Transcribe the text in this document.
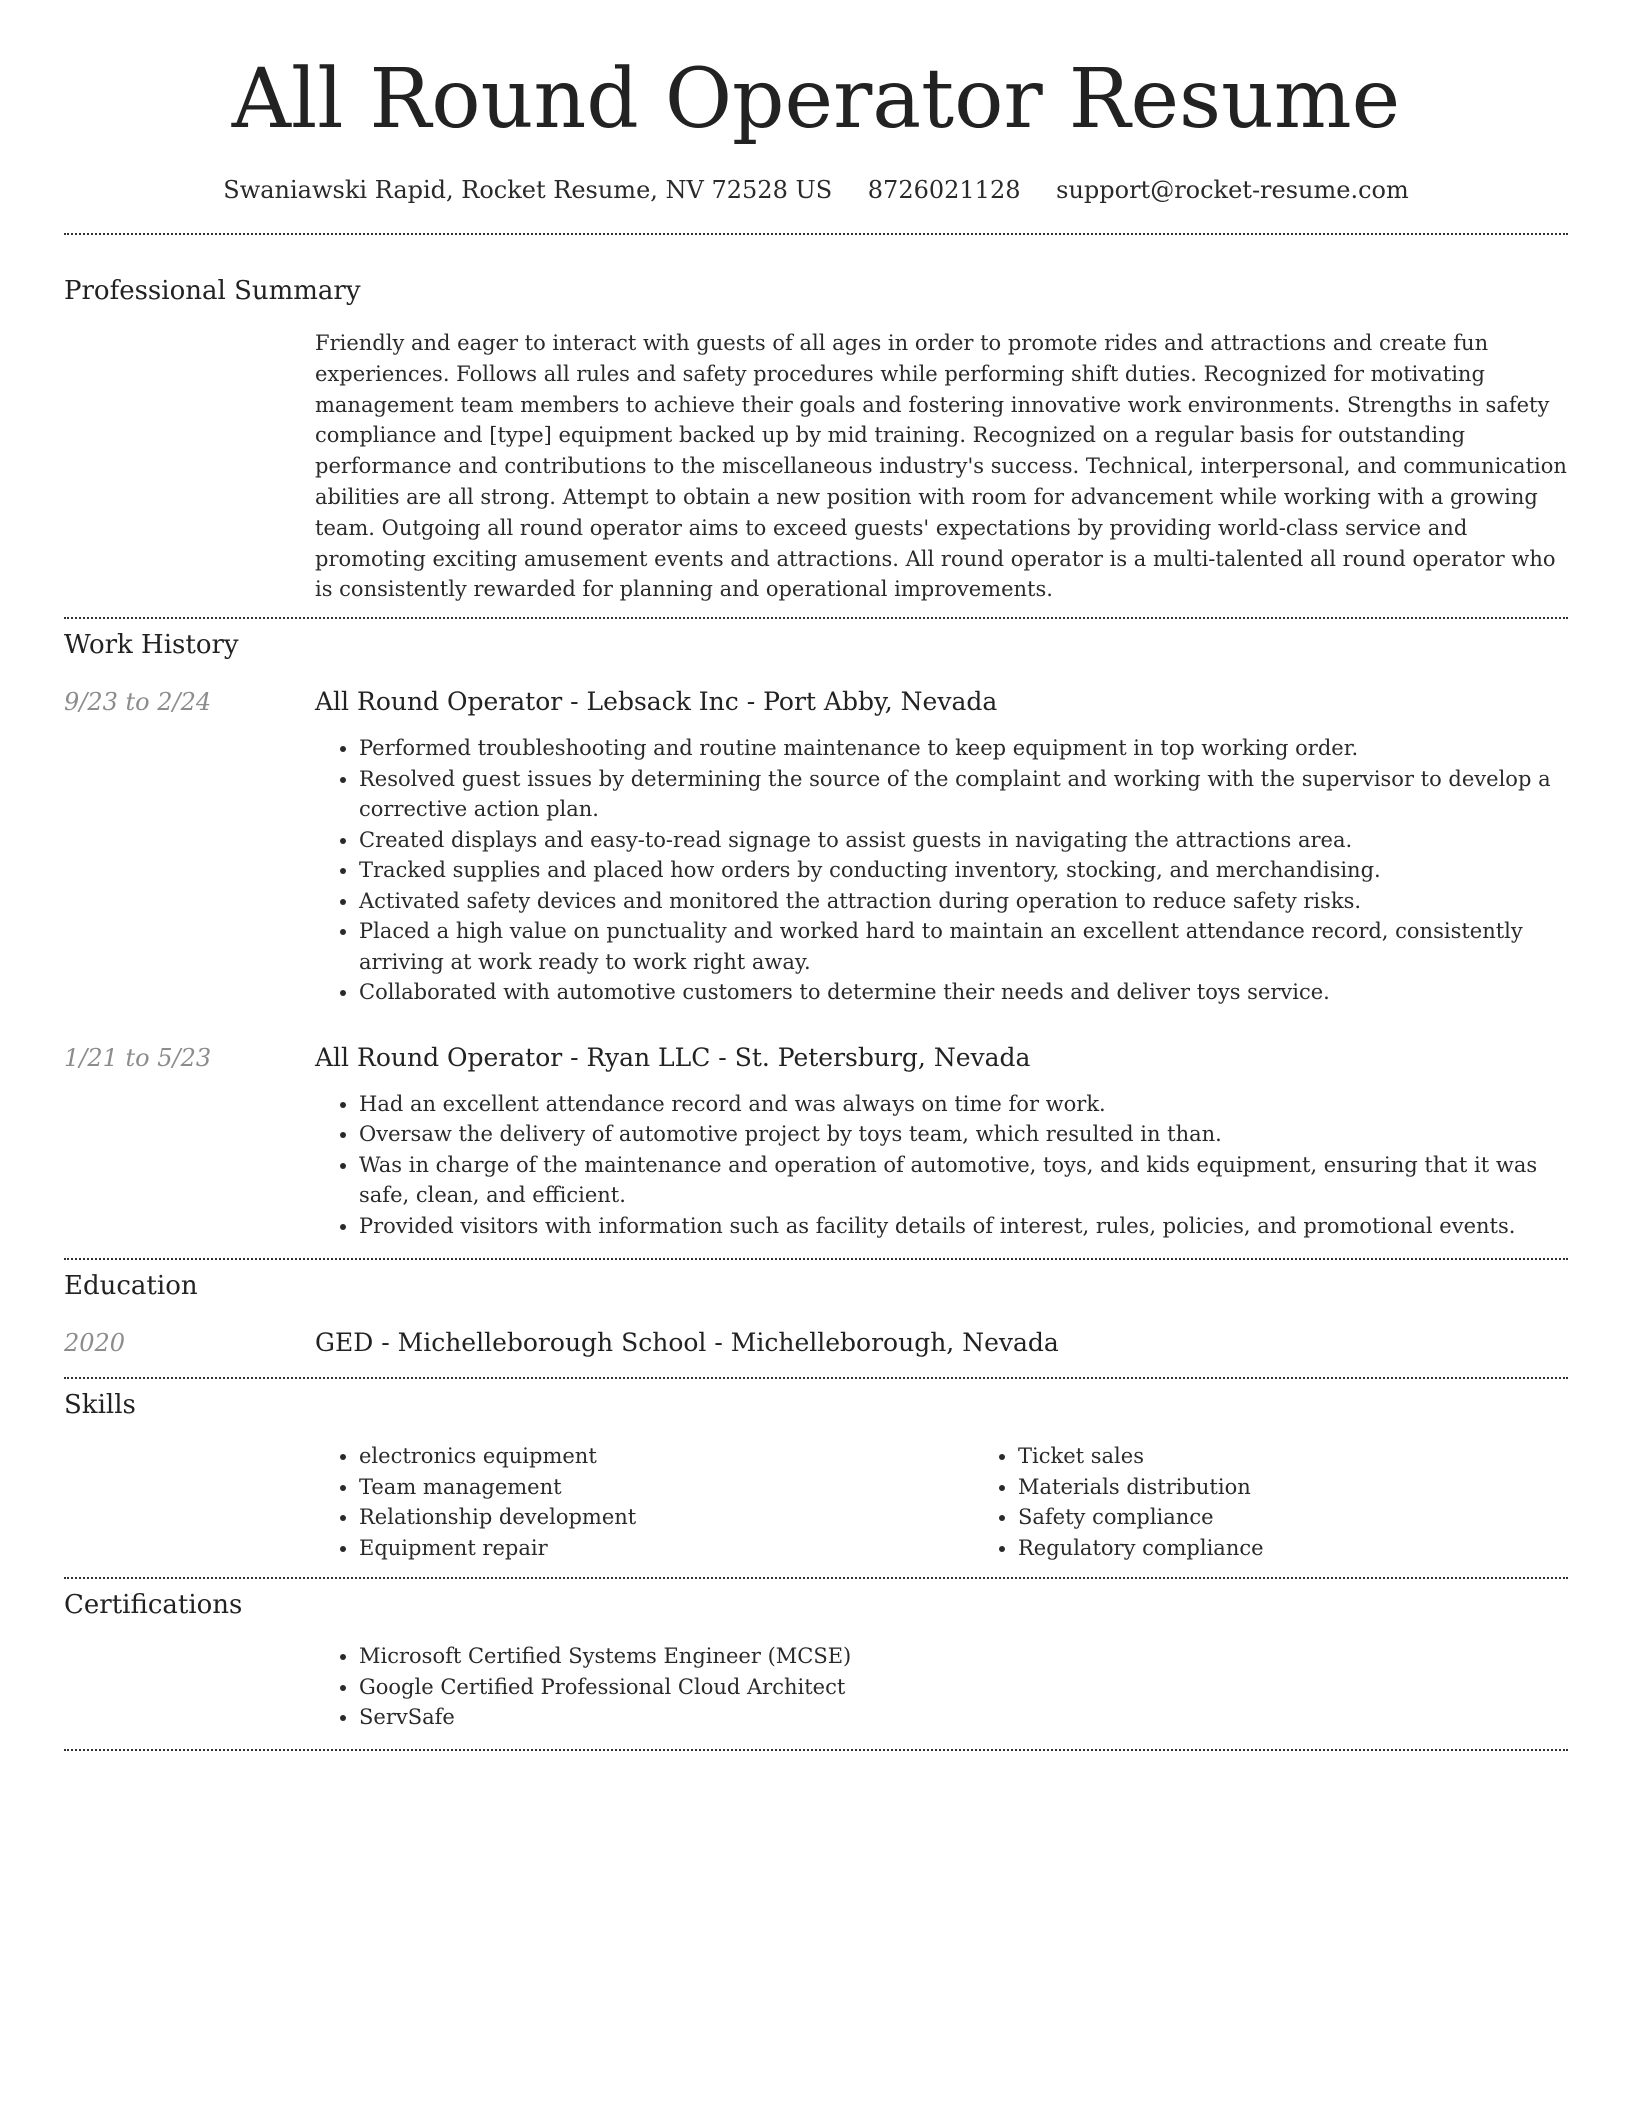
All Round Operator Resume
Swaniawski Rapid, Rocket Resume, NV 72528 US 8726021128 support@rocket-resume.com
Professional Summary

Friendly and eager to interact with guests of all ages in order to promote rides and attractions and create fun experiences. Follows all rules and safety procedures while performing shift duties. Recognized for motivating management team members to achieve their goals and fostering innovative work environments. Strengths in safety compliance and [type] equipment backed up by mid training. Recognized on a regular basis for outstanding performance and contributions to the miscellaneous industry's success. Technical, interpersonal, and communication abilities are all strong. Attempt to obtain a new position with room for advancement while working with a growing team. Outgoing all round operator aims to exceed guests' expectations by providing world-class service and promoting exciting amusement events and attractions. All round operator is a multi-talented all round operator who is consistently rewarded for planning and operational improvements.

Work History
9/23 to 2/24	All Round Operator - Lebsack Inc - Port Abby, Nevada
• Performed troubleshooting and routine maintenance to keep equipment in top working order.
• Resolved guest issues by determining the source of the complaint and working with the supervisor to develop a corrective action plan.
• Created displays and easy-to-read signage to assist guests in navigating the attractions area.
• Tracked supplies and placed how orders by conducting inventory, stocking, and merchandising.
• Activated safety devices and monitored the attraction during operation to reduce safety risks.
• Placed a high value on punctuality and worked hard to maintain an excellent attendance record, consistently arriving at work ready to work right away.
• Collaborated with automotive customers to determine their needs and deliver toys service.
1/21 to 5/23	All Round Operator - Ryan LLC - St. Petersburg, Nevada
• Had an excellent attendance record and was always on time for work.
• Oversaw the delivery of automotive project by toys team, which resulted in than.
• Was in charge of the maintenance and operation of automotive, toys, and kids equipment, ensuring that it was safe, clean, and efficient.
• Provided visitors with information such as facility details of interest, rules, policies, and promotional events.
Education
2020	GED - Michelleborough School - Michelleborough, Nevada
Skills
• electronics equipment
• Team management
• Relationship development
• Equipment repair
• Ticket sales
• Materials distribution
• Safety compliance
• Regulatory compliance
Certifications
• Microsoft Certified Systems Engineer (MCSE)
• Google Certified Professional Cloud Architect
• ServSafe
